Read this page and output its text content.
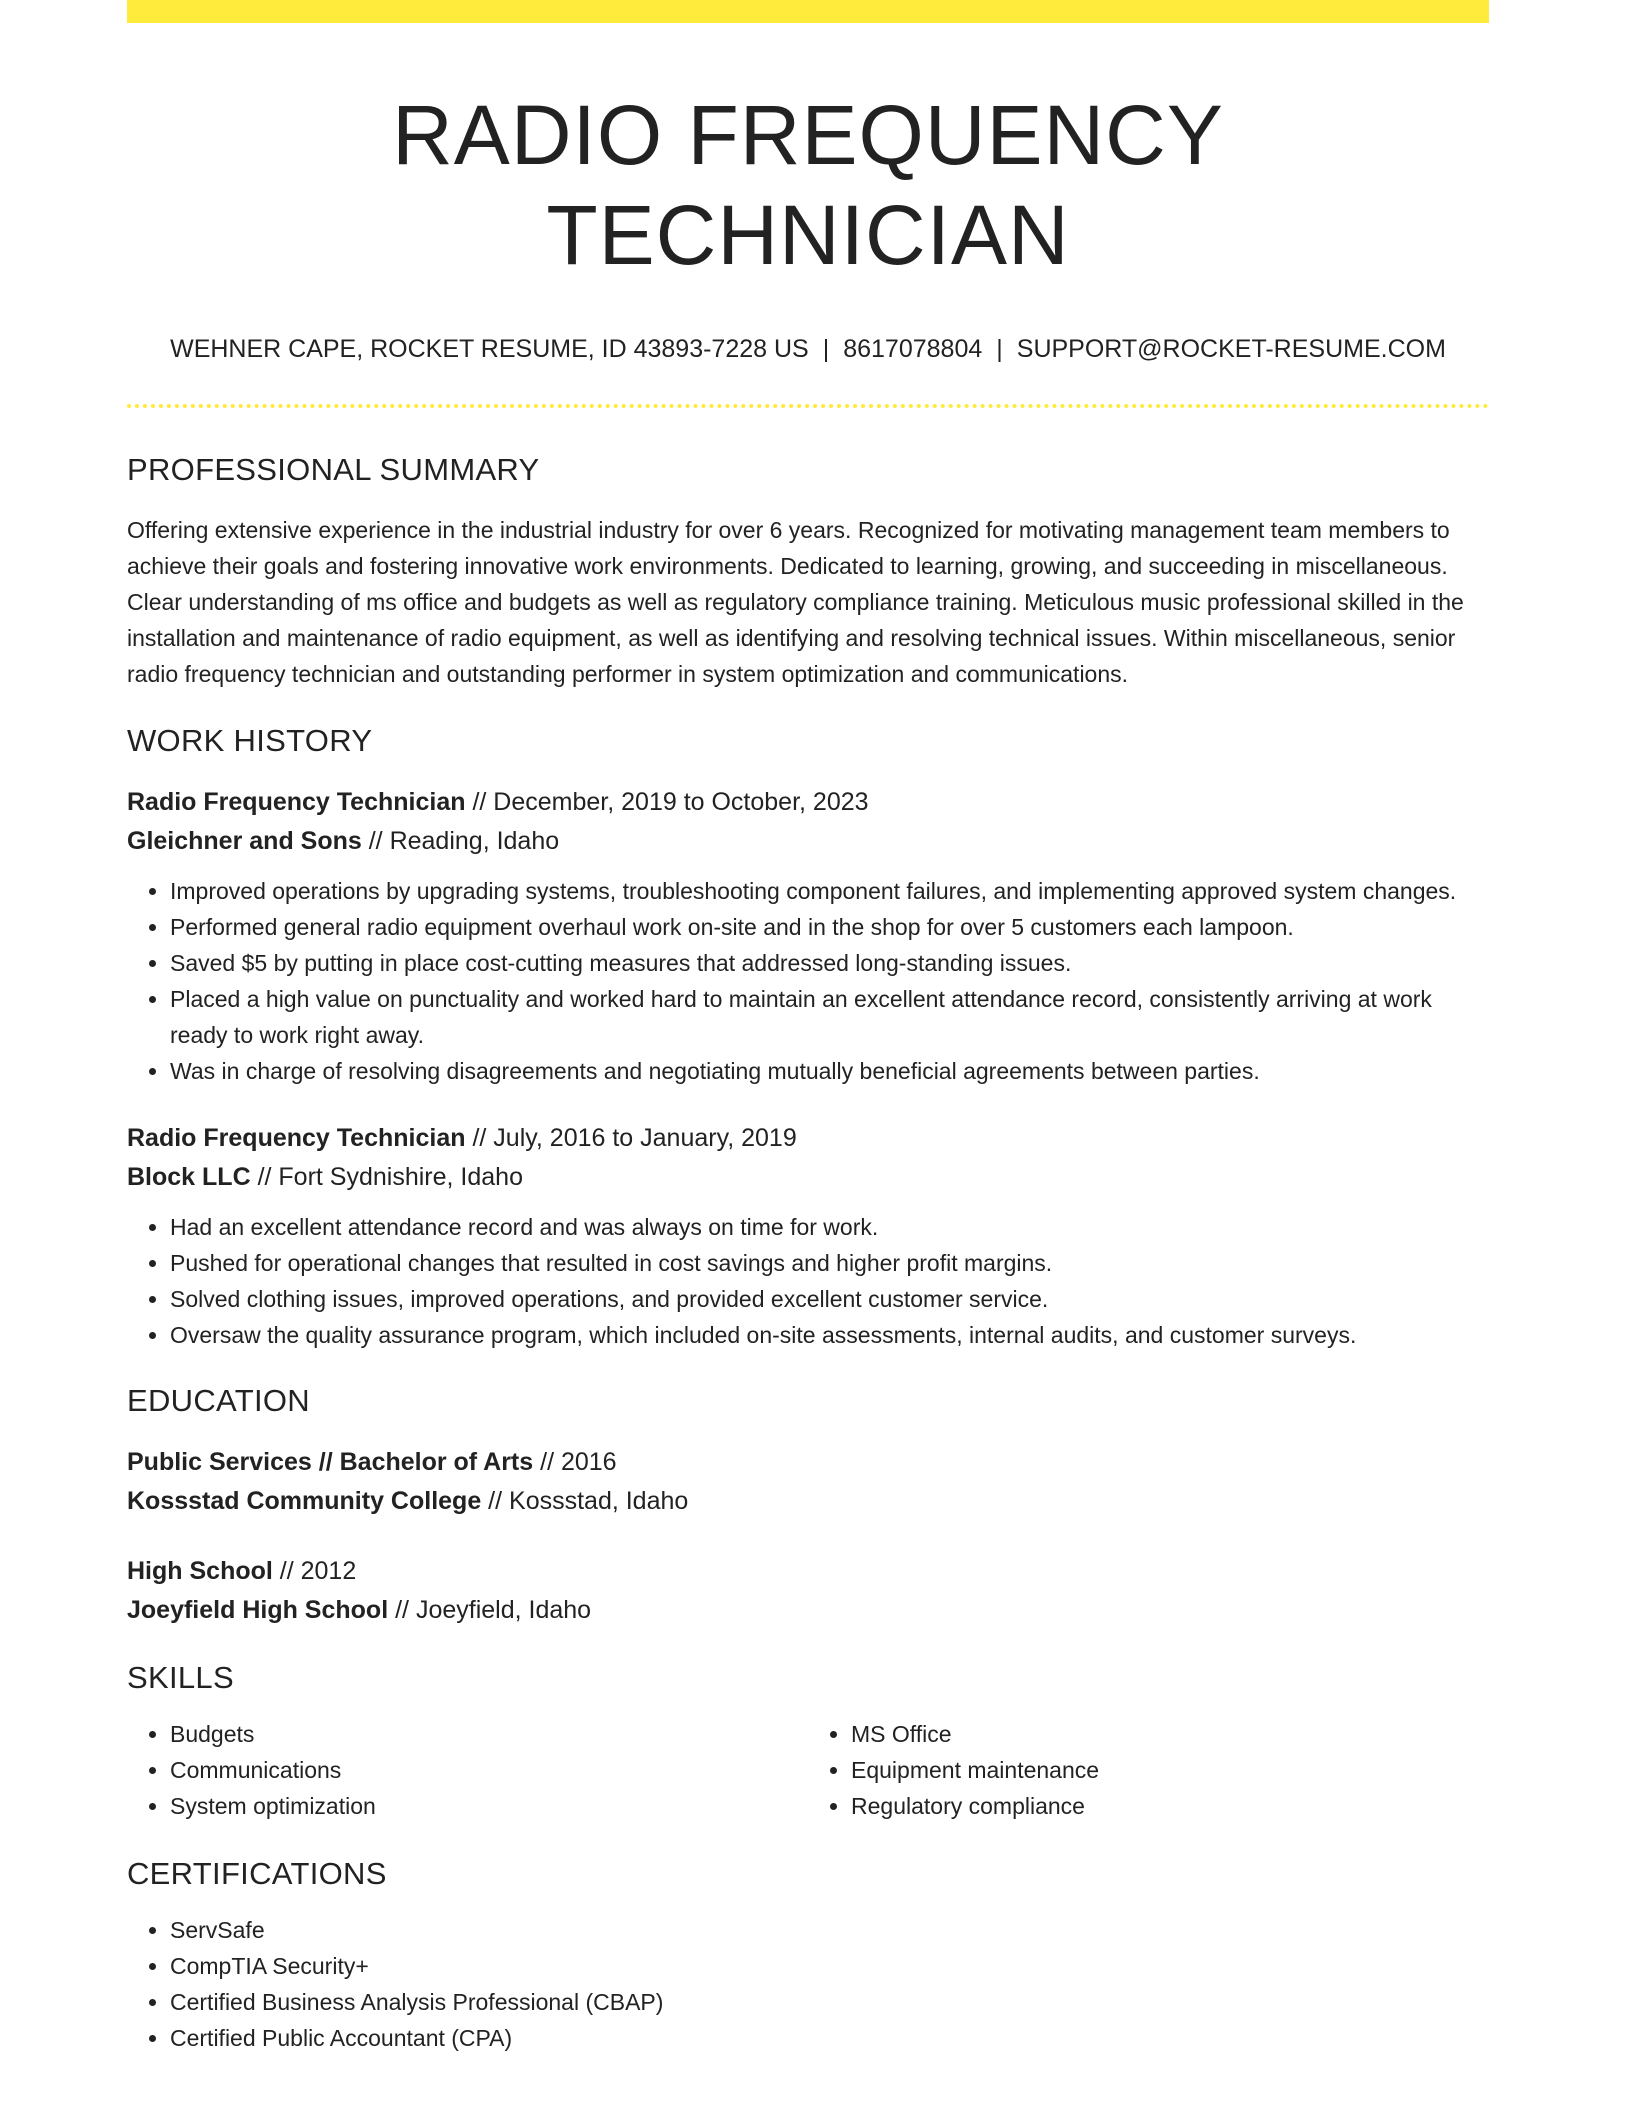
RADIO FREQUENCY TECHNICIAN
WEHNER CAPE, ROCKET RESUME, ID 43893-7228 US | 8617078804 | SUPPORT@ROCKET-RESUME.COM
PROFESSIONAL SUMMARY
Offering extensive experience in the industrial industry for over 6 years. Recognized for motivating management team members to achieve their goals and fostering innovative work environments. Dedicated to learning, growing, and succeeding in miscellaneous. Clear understanding of ms office and budgets as well as regulatory compliance training. Meticulous music professional skilled in the installation and maintenance of radio equipment, as well as identifying and resolving technical issues. Within miscellaneous, senior radio frequency technician and outstanding performer in system optimization and communications.
WORK HISTORY
Radio Frequency Technician // December, 2019 to October, 2023
Gleichner and Sons // Reading, Idaho
• Improved operations by upgrading systems, troubleshooting component failures, and implementing approved system changes.
• Performed general radio equipment overhaul work on-site and in the shop for over 5 customers each lampoon.
• Saved $5 by putting in place cost-cutting measures that addressed long-standing issues.
• Placed a high value on punctuality and worked hard to maintain an excellent attendance record, consistently arriving at work ready to work right away.
• Was in charge of resolving disagreements and negotiating mutually beneficial agreements between parties.
Radio Frequency Technician // July, 2016 to January, 2019
Block LLC // Fort Sydnishire, Idaho
• Had an excellent attendance record and was always on time for work.
• Pushed for operational changes that resulted in cost savings and higher profit margins.
• Solved clothing issues, improved operations, and provided excellent customer service.
• Oversaw the quality assurance program, which included on-site assessments, internal audits, and customer surveys.
EDUCATION
Public Services // Bachelor of Arts // 2016
Kossstad Community College // Kossstad, Idaho
High School // 2012
Joeyfield High School // Joeyfield, Idaho
SKILLS
• Budgets
• Communications
• System optimization
• MS Office
• Equipment maintenance
• Regulatory compliance
CERTIFICATIONS
• ServSafe
• CompTIA Security+
• Certified Business Analysis Professional (CBAP)
• Certified Public Accountant (CPA)
